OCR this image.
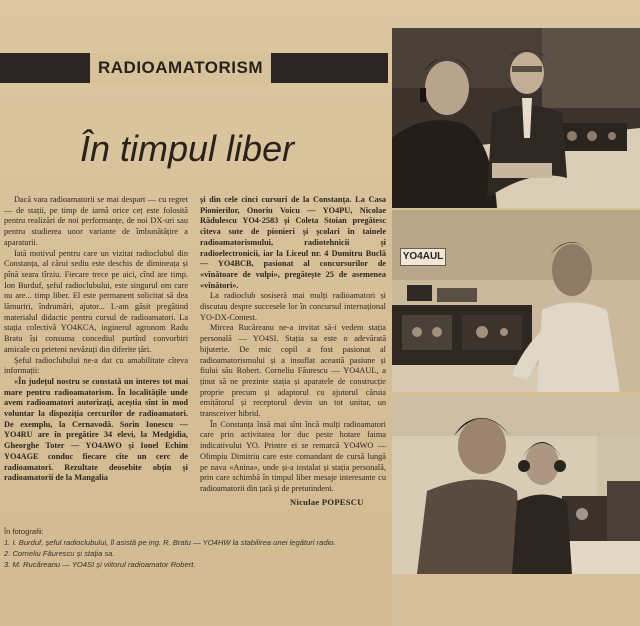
RADIOAMATORISM
În timpul liber

Dacă vara radioamatorii se mai despart — cu regret — de stații, pe timp de iarnă orice ceț este folosită pentru realizări de noi performanțe, de noi DX-uri sau pentru studierea unor variante de îmbunătățire a aparaturii.

Iată motivul pentru care un vizitat radioclubul din Constanța, al cărui sediu este deschis de dimineața și pînă seara tîrziu. Fiecare trece pe aici, cînd are timp. Ion Burduf, șeful radioclubului, este singurul om care nu are... timp liber. El este permanent solicitat să dea lămuriri, îndrumări, ajutor... L-am găsit pregătind materialul didactic pentru cursul de radioamatori. La stația colectivă YO4KCA, inginerul agronom Radu Bratu își consuma concediul purtînd convorbiri amicale cu prieteni nevăzuți din diferite țări.

Șeful radioclubului ne-a dat cu amabilitate cîteva informații:

«În județul nostru se constată un interes tot mai mare pentru radioamatorism. În localitățile unde avem radioamatori autorizați, aceștia sînt în mod voluntar la dispoziția cercurilor de radioamatori. De exemplu, la Cernavodă. Sorin Ionescu — YO4RU are în pregătire 34 elevi, la Medgidia, Gheorghe Toter — YO4AWO și Ionel Echim YO4AGE conduc fiecare cîte un cerc de radioamatori. Rezultate deosebite obțin și radioamatorii de la Mangalia

și din cele cinci cursuri de la Constanța. La Casa Pionierilor, Onoriu Voicu — YO4PU, Nicolae Rădulescu YO4-2583 și Coleta Stoian pregătesc cîteva sute de pionieri și școlari în tainele radioamatorismului, radiotehnicii și radioelectronicii, iar la Liceul nr. 4 Dumitru Buclă — YO4BCB, pasionat al concursurilor de «vînătoare de vulpi», pregătește 25 de asemenea «vînători».

La radioclub sosiseră mai mulți radioamatori și discutau despre succesele lor în concursul internațional YO-DX-Contest.

Mircea Rucăreanu ne-a invitat să-i vedem stația personală — YO4SI. Stația sa este o adevărată bijuterie. De mic copil a fost pasionat al radioamatorismului și a insuflat această pasiune și fiului său Robert. Corneliu Făurescu — YO4AUL, a ținut să ne prezinte stația și aparatele de construcție proprie precum și adaptorul cu ajutorul căruia emițătorul și receptorul devin un tot unitar, un transceiver hibrid.

În Constanța însă mai sînt încă mulți radioamatori care prin activitatea lor duc peste hotare faima indicativului YO. Printre ei se remarcă YO4WO — Olimpiu Dimitriu care este comandant de cursă lungă pe nava «Anina», unde și-a instalat și stația personală, prin care schimbă în timpul liber mesaje interesante cu radioamatorii din țară și de pretutindeni.

Niculae POPESCU
În fotografii:
1. I. Burduf, șeful radioclubului, îl asistă pe ing. R. Bratu — YO4HW la stabilirea unei legături radio.
2. Corneliu Făurescu și stația sa.
3. M. Rucăreanu — YO4SI și viitorul radioamator Robert.
YO4AUL
